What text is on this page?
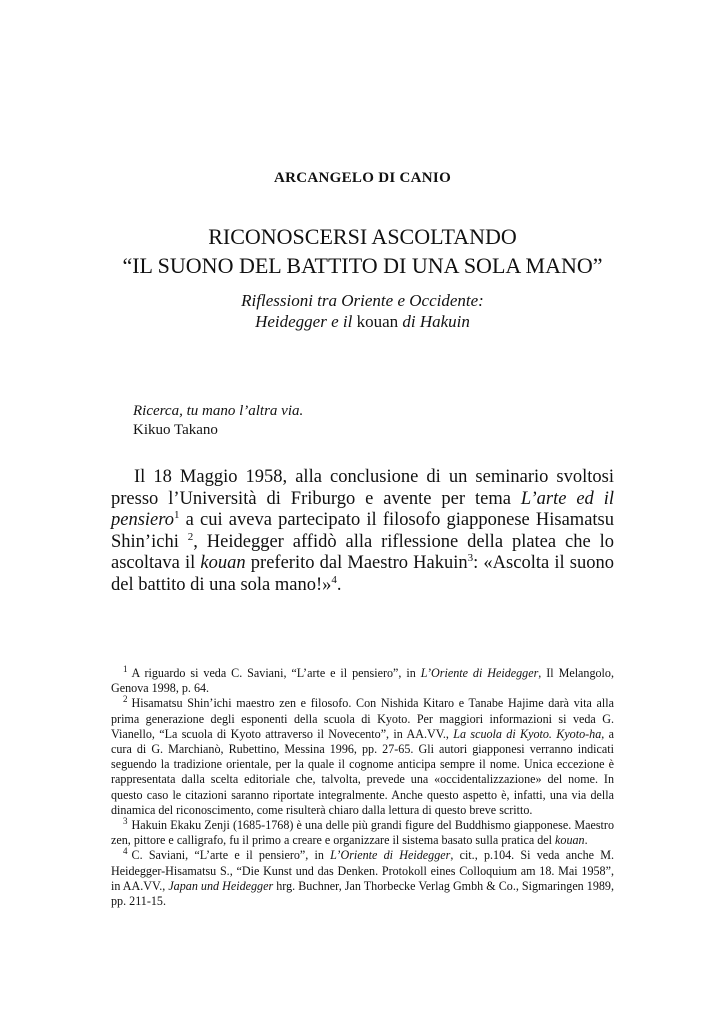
ARCANGELO DI CANIO
RICONOSCERSI ASCOLTANDO
“IL SUONO DEL BATTITO DI UNA SOLA MANO”
Riflessioni tra Oriente e Occidente:
Heidegger e il kouan di Hakuin
Ricerca, tu mano l’altra via.
Kikuo Takano

Il 18 Maggio 1958, alla conclusione di un seminario svoltosi presso l’Università di Friburgo e avente per tema L’arte ed il pensiero$^1$ a cui aveva partecipato il filosofo giapponese Hisamatsu Shin’ichi $^2$, Heidegger affidò alla riflessione della platea che lo ascoltava il kouan preferito dal Maestro Hakuin$^3$: «Ascolta il suono del battito di una sola mano!»$^4$.

$^1$ A riguardo si veda C. Saviani, “L’arte e il pensiero”, in L’Oriente di Heidegger, Il Melangolo, Genova 1998, p. 64.

$^2$ Hisamatsu Shin’ichi maestro zen e filosofo. Con Nishida Kitaro e Tanabe Hajime darà vita alla prima generazione degli esponenti della scuola di Kyoto. Per maggiori informazioni si veda G. Vianello, “La scuola di Kyoto attraverso il Novecento”, in AA.VV., La scuola di Kyoto. Kyoto-ha, a cura di G. Marchianò, Rubettino, Messina 1996, pp. 27-65. Gli autori giapponesi verranno indicati seguendo la tradizione orientale, per la quale il cognome anticipa sempre il nome. Unica eccezione è rappresentata dalla scelta editoriale che, talvolta, prevede una «occidentalizzazione» del nome. In questo caso le citazioni saranno riportate integralmente. Anche questo aspetto è, infatti, una via della dinamica del riconoscimento, come risulterà chiaro dalla lettura di questo breve scritto.

$^3$ Hakuin Ekaku Zenji (1685-1768) è una delle più grandi figure del Buddhismo giapponese. Maestro zen, pittore e calligrafo, fu il primo a creare e organizzare il sistema basato sulla pratica del kouan.

$^4$ C. Saviani, “L’arte e il pensiero”, in L’Oriente di Heidegger, cit., p.104. Si veda anche M. Heidegger-Hisamatsu S., “Die Kunst und das Denken. Protokoll eines Colloquium am 18. Mai 1958”, in AA.VV., Japan und Heidegger hrg. Buchner, Jan Thorbecke Verlag Gmbh & Co., Sigmaringen 1989, pp. 211-15.
